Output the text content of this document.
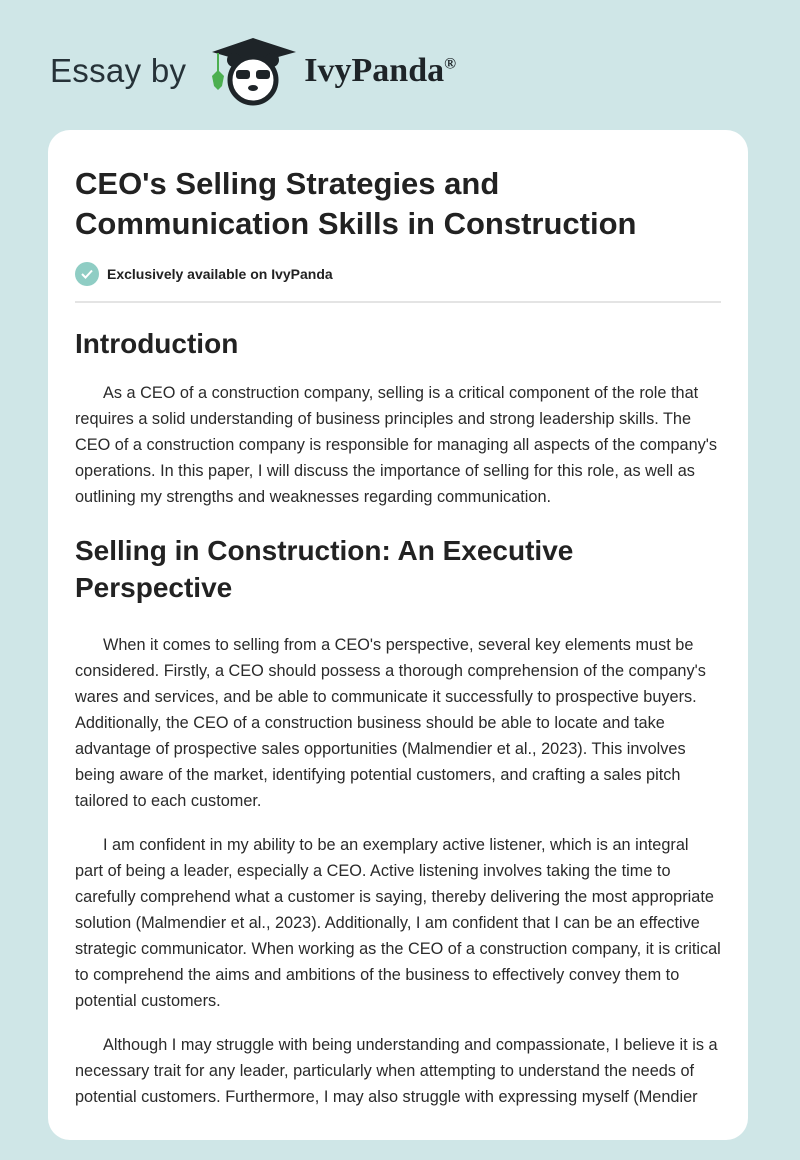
Essay by	IvyPanda®
CEO's Selling Strategies and Communication Skills in Construction
Exclusively available on IvyPanda
Introduction

As a CEO of a construction company, selling is a critical component of the role that requires a solid understanding of business principles and strong leadership skills. The CEO of a construction company is responsible for managing all aspects of the company's operations. In this paper, I will discuss the importance of selling for this role, as well as outlining my strengths and weaknesses regarding communication.

Selling in Construction: An Executive Perspective

When it comes to selling from a CEO's perspective, several key elements must be considered. Firstly, a CEO should possess a thorough comprehension of the company's wares and services, and be able to communicate it successfully to prospective buyers. Additionally, the CEO of a construction business should be able to locate and take advantage of prospective sales opportunities (Malmendier et al., 2023). This involves being aware of the market, identifying potential customers, and crafting a sales pitch tailored to each customer.

I am confident in my ability to be an exemplary active listener, which is an integral part of being a leader, especially a CEO. Active listening involves taking the time to carefully comprehend what a customer is saying, thereby delivering the most appropriate solution (Malmendier et al., 2023). Additionally, I am confident that I can be an effective strategic communicator. When working as the CEO of a construction company, it is critical to comprehend the aims and ambitions of the business to effectively convey them to potential customers.

Although I may struggle with being understanding and compassionate, I believe it is a necessary trait for any leader, particularly when attempting to understand the needs of potential customers. Furthermore, I may also struggle with expressing myself (Mendier
